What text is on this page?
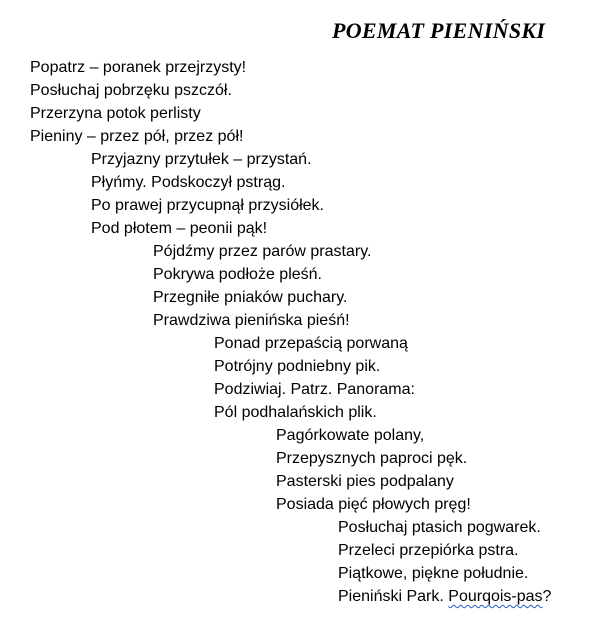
POEMAT PIENIŃSKI
Popatrz – poranek przejrzysty!
Posłuchaj pobrzęku pszczół.
Przerzyna potok perlisty
Pieniny – przez pół, przez pół!
Przyjazny przytułek – przystań.
Płyńmy. Podskoczył pstrąg.
Po prawej przycupnął przysiółek.
Pod płotem – peonii pąk!
Pójdźmy przez parów prastary.
Pokrywa podłoże pleśń.
Przegniłe pniaków puchary.
Prawdziwa pienińska pieśń!
Ponad przepaścią porwaną
Potrójny podniebny pik.
Podziwiaj. Patrz. Panorama:
Pól podhalańskich plik.
Pagórkowate polany,
Przepysznych paproci pęk.
Pasterski pies podpalany
Posiada pięć płowych pręg!
Posłuchaj ptasich pogwarek.
Przeleci przepiórka pstra.
Piątkowe, piękne południe.
Pieniński Park. Pourqois-pas?
